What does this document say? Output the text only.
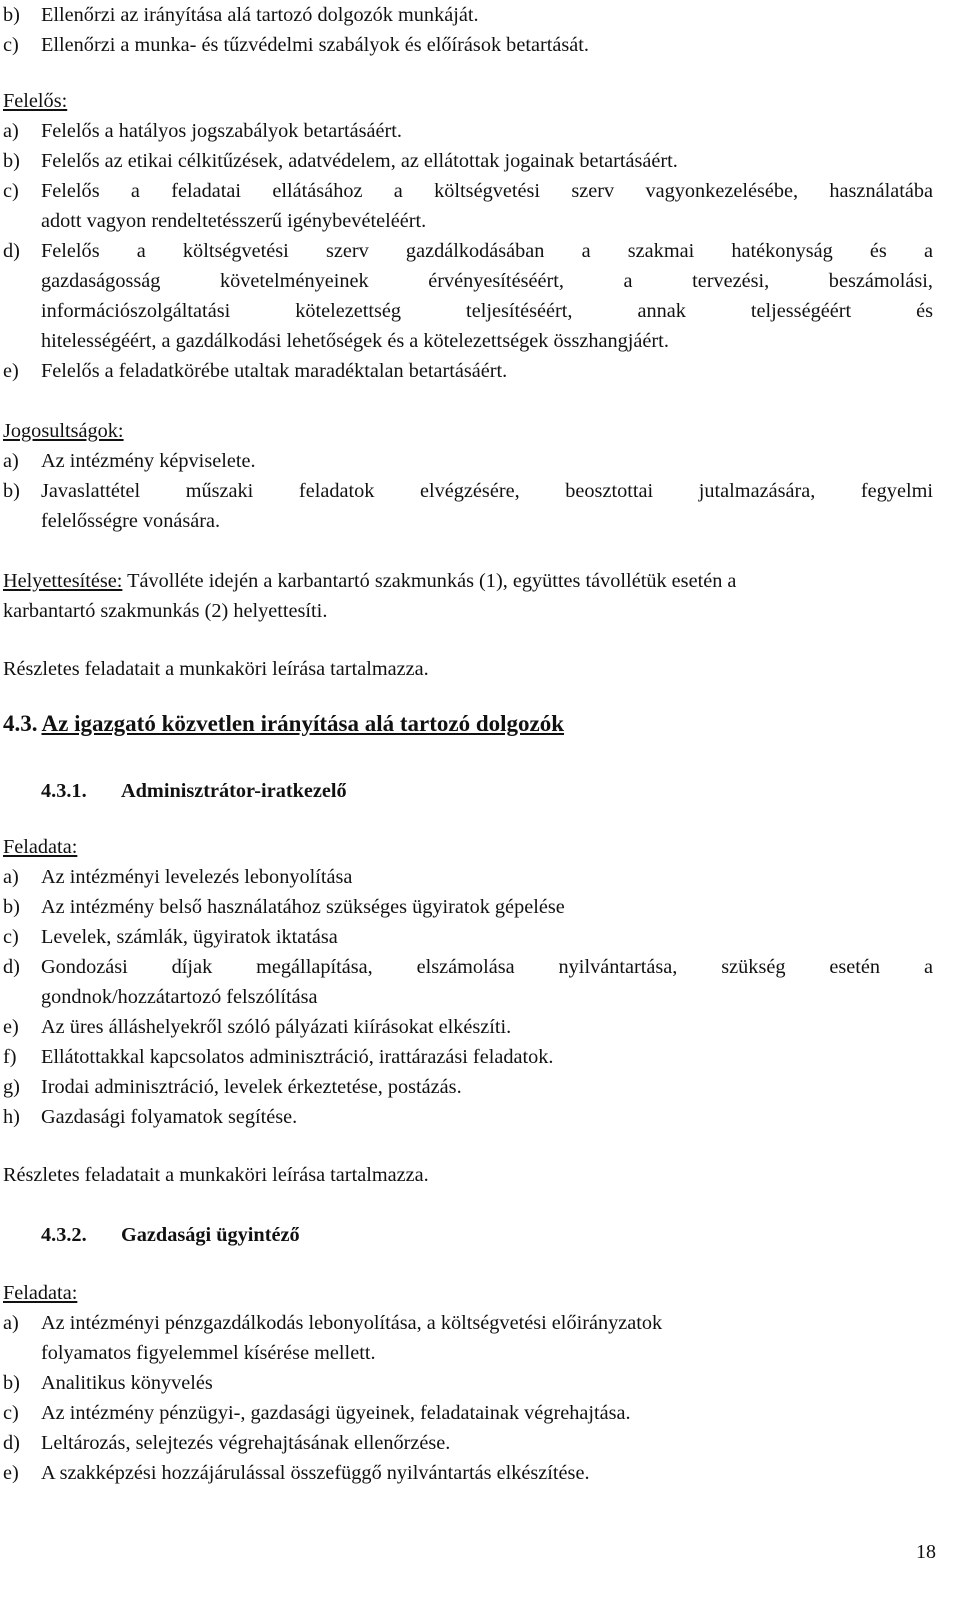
b)	Ellenőrzi az irányítása alá tartozó dolgozók munkáját.
c)	Ellenőrzi a munka- és tűzvédelmi szabályok és előírások betartását.
Felelős:
a)	Felelős a hatályos jogszabályok betartásáért.
b)	Felelős az etikai célkitűzések, adatvédelem, az ellátottak jogainak betartásáért.
c)	Felelős a feladatai ellátásához a költségvetési szerv vagyonkezelésébe, használatába
adott vagyon rendeltetésszerű igénybevételéért.
d)	Felelős a költségvetési szerv gazdálkodásában a szakmai hatékonyság és a
gazdaságosság követelményeinek érvényesítéséért, a tervezési, beszámolási,
információszolgáltatási kötelezettség teljesítéséért, annak teljességéért és
hitelességéért, a gazdálkodási lehetőségek és a kötelezettségek összhangjáért.
e)	Felelős a feladatkörébe utaltak maradéktalan betartásáért.
Jogosultságok:
a)	Az intézmény képviselete.
b)	Javaslattétel műszaki feladatok elvégzésére, beosztottai jutalmazására, fegyelmi
felelősségre vonására.
Helyettesítése: Távolléte idején a karbantartó szakmunkás (1), együttes távollétük esetén a
karbantartó szakmunkás (2) helyettesíti.
Részletes feladatait a munkaköri leírása tartalmazza.
4.3. Az igazgató közvetlen irányítása alá tartozó dolgozók
4.3.1. Adminisztrátor-iratkezelő
Feladata:
a)	Az intézményi levelezés lebonyolítása
b)	Az intézmény belső használatához szükséges ügyiratok gépelése
c)	Levelek, számlák, ügyiratok iktatása
d)	Gondozási díjak megállapítása, elszámolása nyilvántartása, szükség esetén a
gondnok/hozzátartozó felszólítása
e)	Az üres álláshelyekről szóló pályázati kiírásokat elkészíti.
f)	Ellátottakkal kapcsolatos adminisztráció, irattárazási feladatok.
g)	Irodai adminisztráció, levelek érkeztetése, postázás.
h)	Gazdasági folyamatok segítése.
Részletes feladatait a munkaköri leírása tartalmazza.
4.3.2. Gazdasági ügyintéző
Feladata:
a)	Az intézményi pénzgazdálkodás lebonyolítása, a költségvetési előirányzatok
folyamatos figyelemmel kísérése mellett.
b)	Analitikus könyvelés
c)	Az intézmény pénzügyi-, gazdasági ügyeinek, feladatainak végrehajtása.
d)	Leltározás, selejtezés végrehajtásának ellenőrzése.
e)	A szakképzési hozzájárulással összefüggő nyilvántartás elkészítése.
18
